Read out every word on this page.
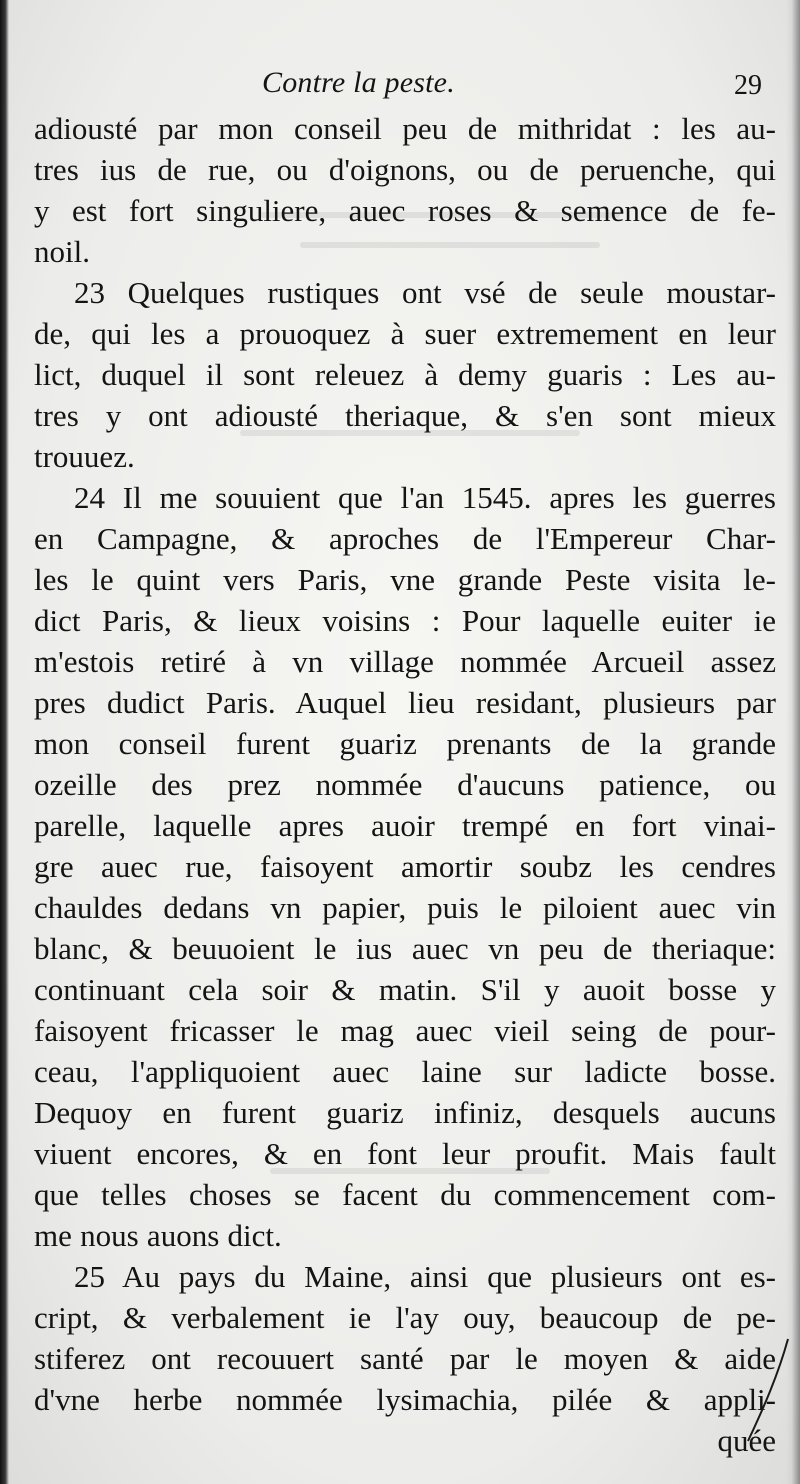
Contre la peste.	29
adiousté par mon conseil peu de mithridat : les au-
tres ius de rue, ou d'oignons, ou de peruenche, qui
y est fort singuliere, auec roses & semence de fe-
noil.
23 Quelques rustiques ont vsé de seule moustar-
de, qui les a prouoquez à suer extremement en leur
lict, duquel il sont releuez à demy guaris : Les au-
tres y ont adiousté theriaque, & s'en sont mieux
trouuez.
24 Il me souuient que l'an 1545. apres les guerres
en Campagne, & aproches de l'Empereur Char-
les le quint vers Paris, vne grande Peste visita le-
dict Paris, & lieux voisins : Pour laquelle euiter ie
m'estois retiré à vn village nommée Arcueil assez
pres dudict Paris. Auquel lieu residant, plusieurs par
mon conseil furent guariz prenants de la grande
ozeille des prez nommée d'aucuns patience, ou
parelle, laquelle apres auoir trempé en fort vinai-
gre auec rue, faisoyent amortir soubz les cendres
chauldes dedans vn papier, puis le piloient auec vin
blanc, & beuuoient le ius auec vn peu de theriaque:
continuant cela soir & matin. S'il y auoit bosse y
faisoyent fricasser le mag auec vieil seing de pour-
ceau, l'appliquoient auec laine sur ladicte bosse.
Dequoy en furent guariz infiniz, desquels aucuns
viuent encores, & en font leur proufit. Mais fault
que telles choses se facent du commencement com-
me nous auons dict.
25 Au pays du Maine, ainsi que plusieurs ont es-
cript, & verbalement ie l'ay ouy, beaucoup de pe-
stiferez ont recouuert santé par le moyen & aide
d'vne herbe nommée lysimachia, pilée & appli-
quée
